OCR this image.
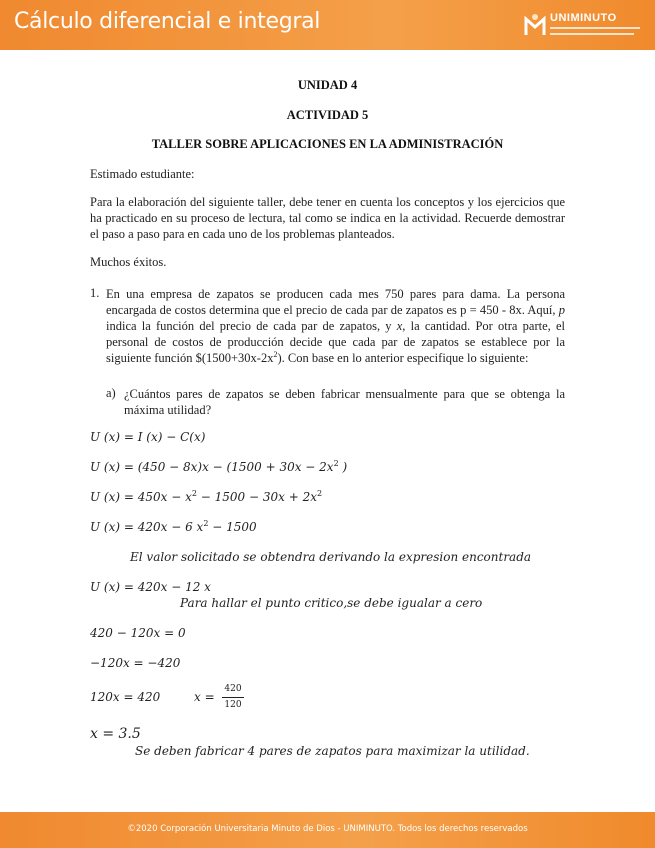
Cálculo diferencial e integral	UNIMINUTO
UNIDAD 4
ACTIVIDAD 5
TALLER SOBRE APLICACIONES EN LA ADMINISTRACIÓN
Estimado estudiante:
Para la elaboración del siguiente taller, debe tener en cuenta los conceptos y los ejercicios que ha practicado en su proceso de lectura, tal como se indica en la actividad. Recuerde demostrar el paso a paso para en cada uno de los problemas planteados.
Muchos éxitos.
1. En una empresa de zapatos se producen cada mes 750 pares para dama. La persona encargada de costos determina que el precio de cada par de zapatos es p = 450 - 8x. Aquí, p indica la función del precio de cada par de zapatos, y x, la cantidad. Por otra parte, el personal de costos de producción decide que cada par de zapatos se establece por la siguiente función $\$(1500+30x-2x^2)$. Con base en lo anterior especifique lo siguiente:
a) ¿Cuántos pares de zapatos se deben fabricar mensualmente para que se obtenga la máxima utilidad?
U (x) = I (x) − C(x)
U $(x) = (450 - 8x)x - (1500 + 30x - 2x^2$ )
U $(x) = 450x - x^2 - 1500 - 30x + 2x^2$
U (x) = 420x − 6 $x^2 - 1500$
El valor solicitado se obtendra derivando la expresion encontrada
U (x) = 420x − 12 x
Para hallar el punto critico,se debe igualar a cero
420 − 120x = 0
−120x = −420
120x = 420	x =
420
120
x = 3.5
Se deben fabricar 4 pares de zapatos para maximizar la utilidad.
©2020 Corporación Universitaria Minuto de Dios - UNIMINUTO. Todos los derechos reservados
